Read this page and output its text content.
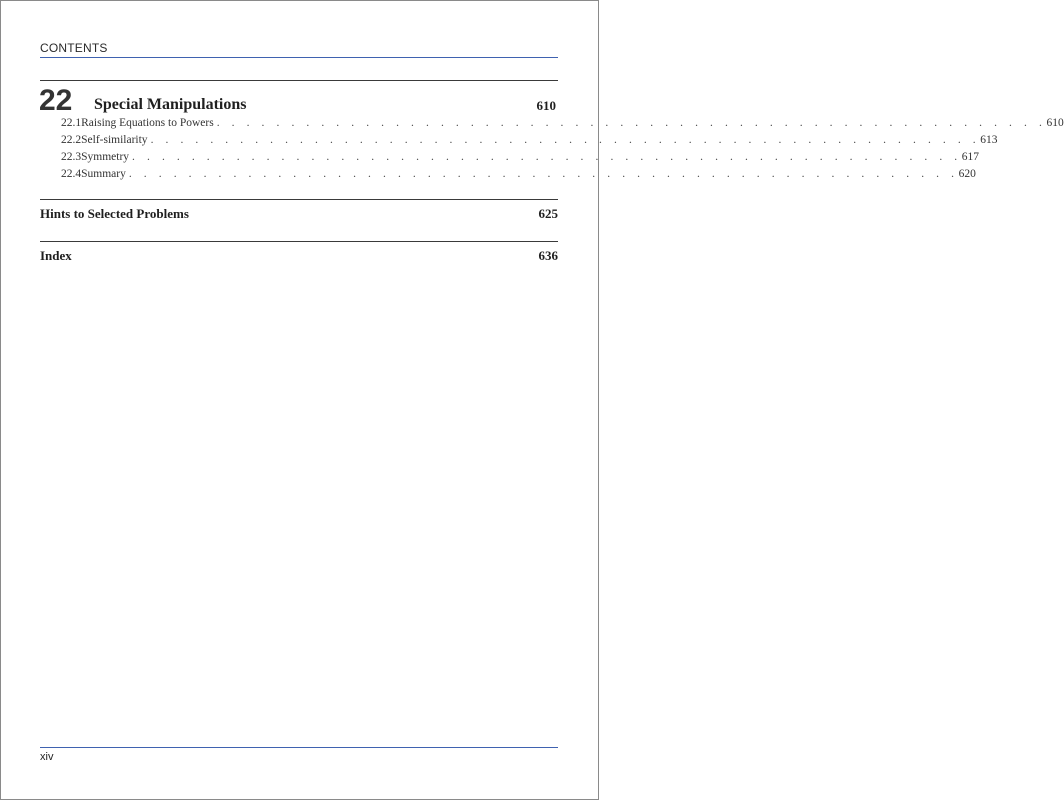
CONTENTS
22 Special Manipulations	610
22.1 Raising Equations to Powers . . . . . . . . . . . . . . . . . . . . . . . . . . . . . . . . . . . . . . . . . . . . . . . . . . . . . . . . 610
22.2 Self-similarity . . . . . . . . . . . . . . . . . . . . . . . . . . . . . . . . . . . . . . . . . . . . . . . . . . . . . . . . 613
22.3 Symmetry . . . . . . . . . . . . . . . . . . . . . . . . . . . . . . . . . . . . . . . . . . . . . . . . . . . . . . . . 617
22.4 Summary . . . . . . . . . . . . . . . . . . . . . . . . . . . . . . . . . . . . . . . . . . . . . . . . . . . . . . . . 620
Hints to Selected Problems	625
Index	636
xiv
